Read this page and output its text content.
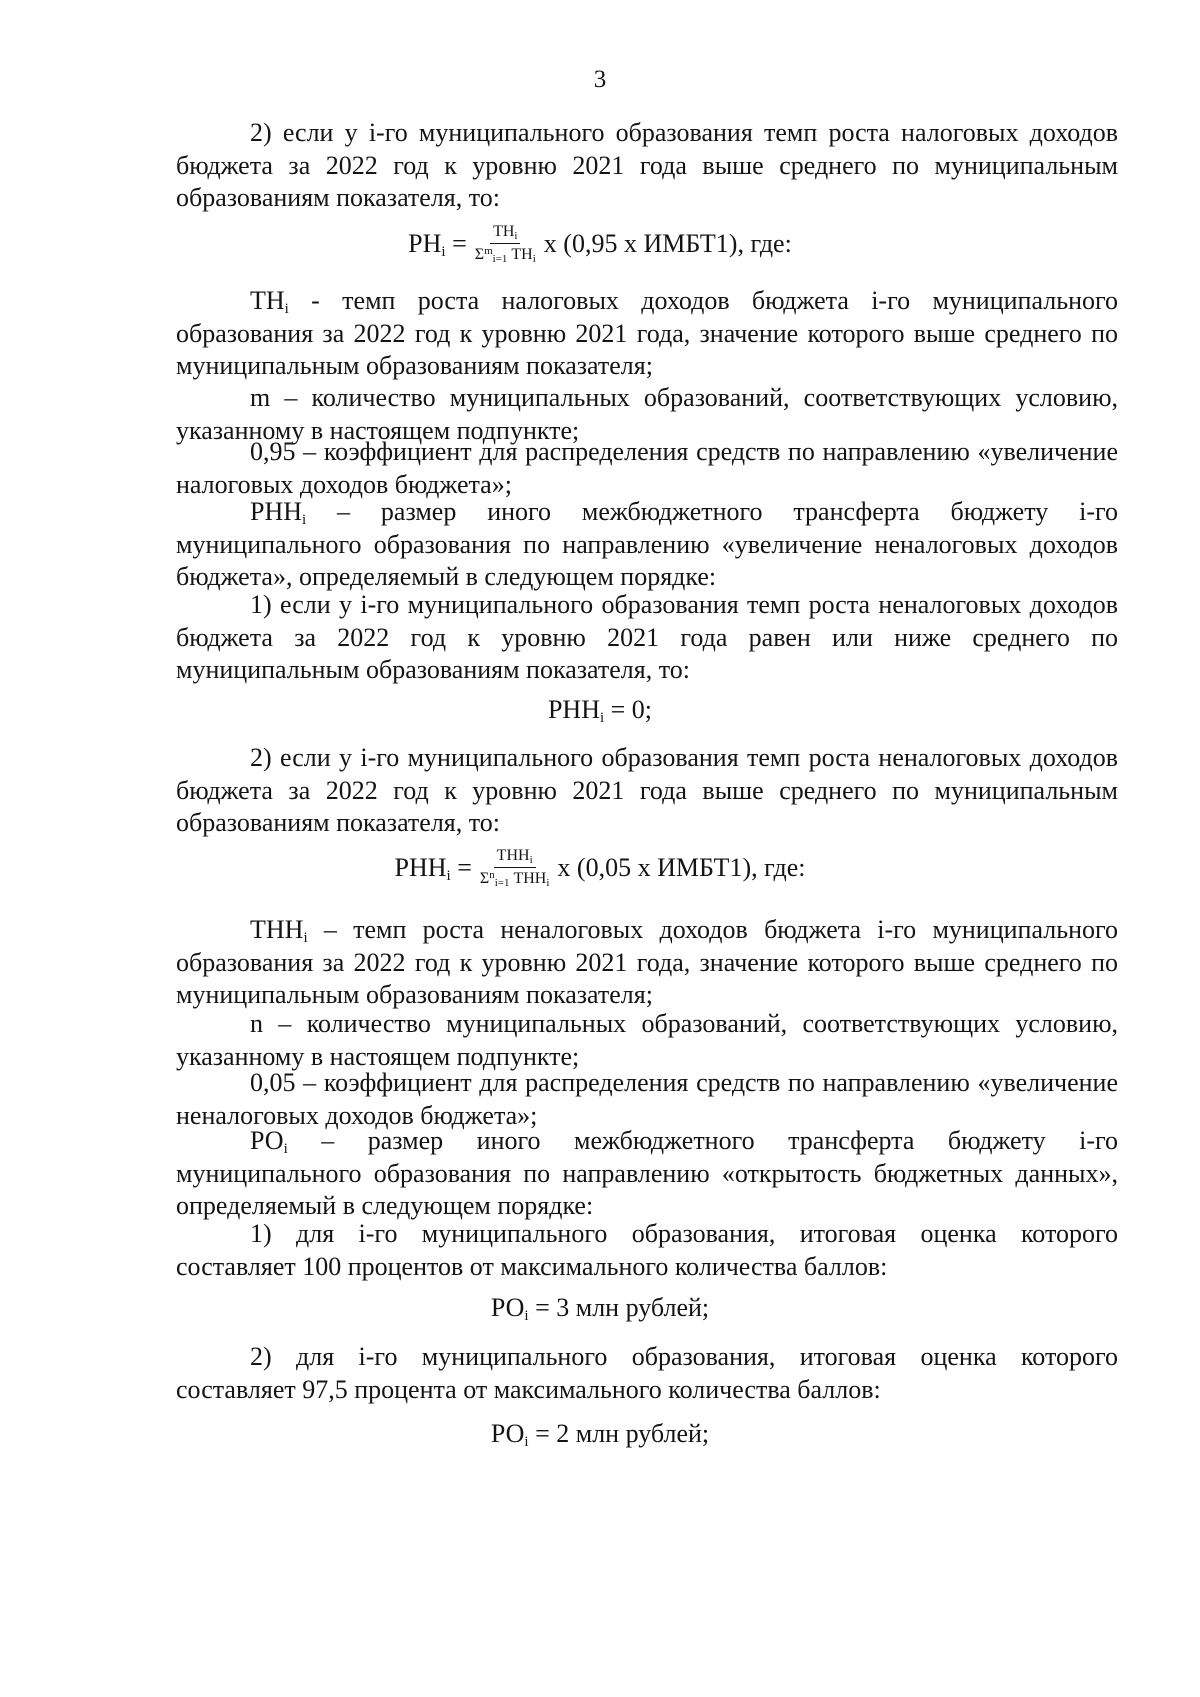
3
2) если у i-го муниципального образования темп роста налоговых доходов бюджета за 2022 год к уровню 2021 года выше среднего по муниципальным образованиям показателя, то:
$РН_i = \frac{ТН_i}{\Sigma^m_{i=1} ТН_i}$ х (0,95 х ИМБТ1), где:
$ТН_i$ - темп роста налоговых доходов бюджета i-го муниципального образования за 2022 год к уровню 2021 года, значение которого выше среднего по муниципальным образованиям показателя;
m – количество муниципальных образований, соответствующих условию, указанному в настоящем подпункте;
0,95 – коэффициент для распределения средств по направлению «увеличение налоговых доходов бюджета»;
$РНН_i$ – размер иного межбюджетного трансферта бюджету i-го муниципального образования по направлению «увеличение неналоговых доходов бюджета», определяемый в следующем порядке:
1) если у i-го муниципального образования темп роста неналоговых доходов бюджета за 2022 год к уровню 2021 года равен или ниже среднего по муниципальным образованиям показателя, то:
$РНН_i = 0$;
2) если у i-го муниципального образования темп роста неналоговых доходов бюджета за 2022 год к уровню 2021 года выше среднего по муниципальным образованиям показателя, то:
$РНН_i = \frac{ТНН_i}{\Sigma^n_{i=1} ТНН_i}$ х (0,05 х ИМБТ1), где:
$ТНН_i$ – темп роста неналоговых доходов бюджета i-го муниципального образования за 2022 год к уровню 2021 года, значение которого выше среднего по муниципальным образованиям показателя;
n – количество муниципальных образований, соответствующих условию, указанному в настоящем подпункте;
0,05 – коэффициент для распределения средств по направлению «увеличение неналоговых доходов бюджета»;
$РО_i$ – размер иного межбюджетного трансферта бюджету i-го муниципального образования по направлению «открытость бюджетных данных», определяемый в следующем порядке:
1) для i-го муниципального образования, итоговая оценка которого составляет 100 процентов от максимального количества баллов:
$РО_i = 3$ млн рублей;
2) для i-го муниципального образования, итоговая оценка которого составляет 97,5 процента от максимального количества баллов:
$РО_i = 2$ млн рублей;
